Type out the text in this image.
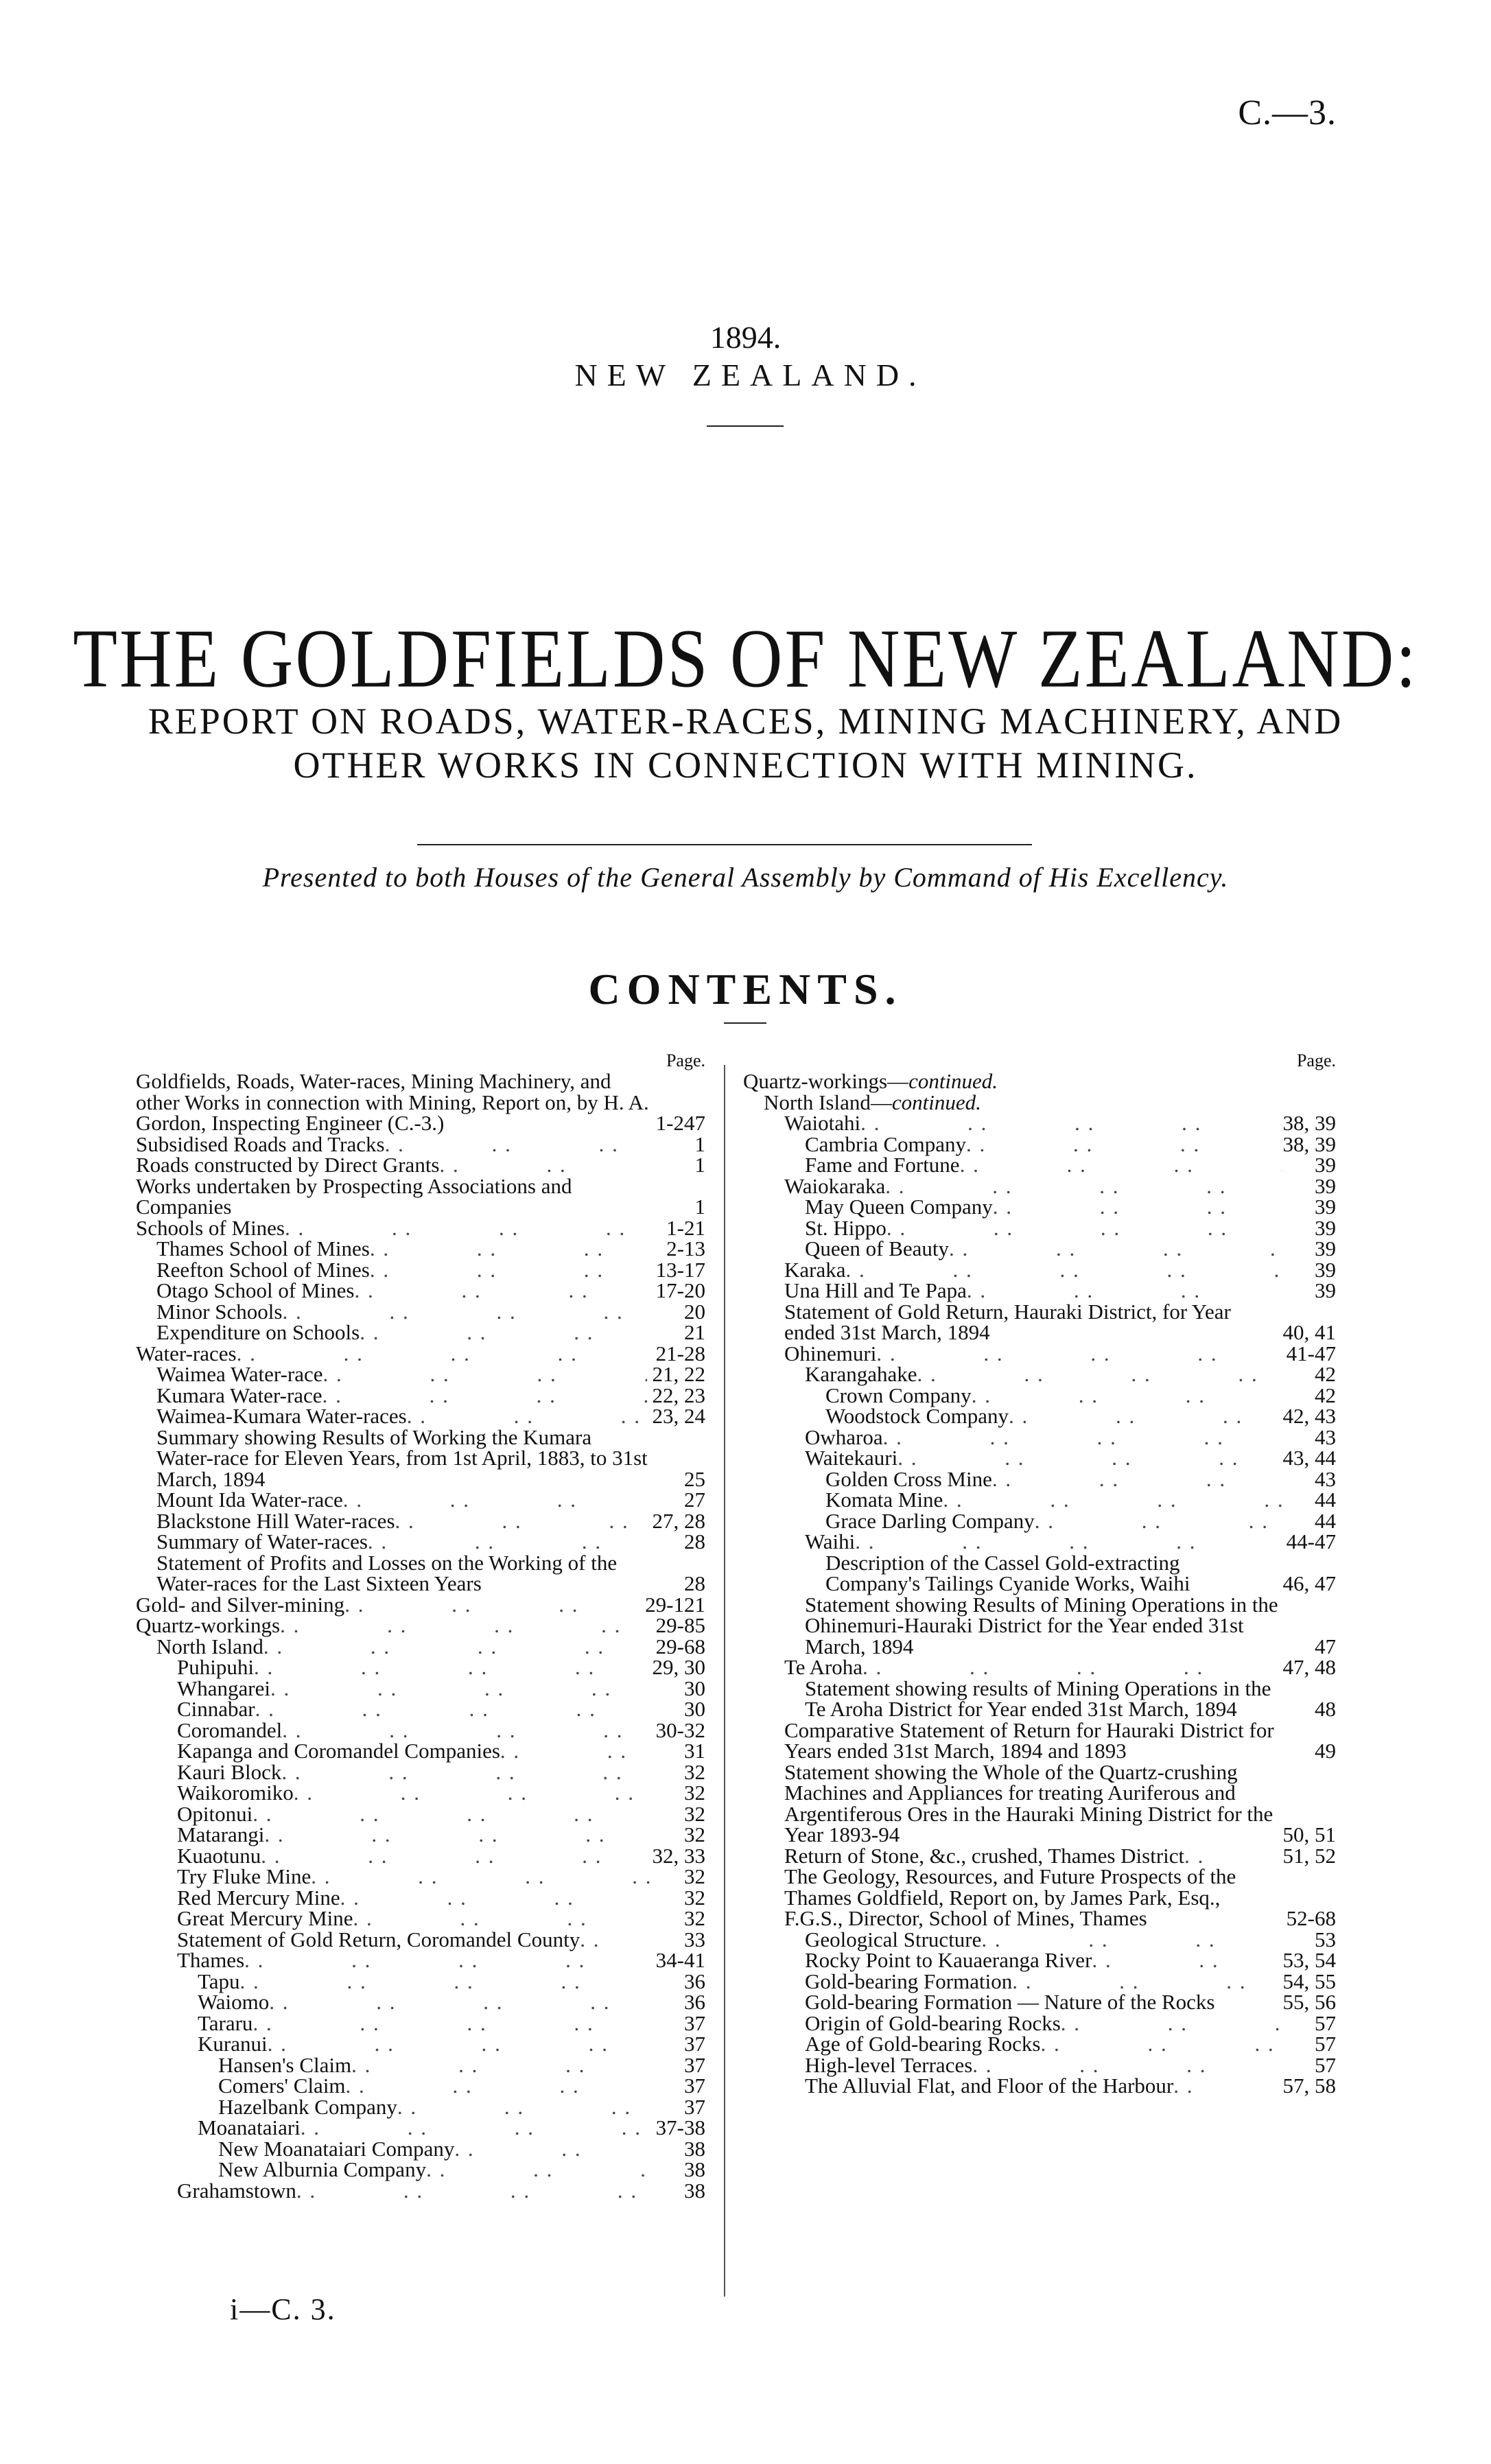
C.—3.
1894.
NEW ZEALAND.
THE GOLDFIELDS OF NEW ZEALAND:
REPORT ON ROADS, WATER-RACES, MINING MACHINERY, AND
OTHER WORKS IN CONNECTION WITH MINING.
Presented to both Houses of the General Assembly by Command of His Excellency.
CONTENTS.
Page.
Goldfields, Roads, Water-races, Mining Machinery, and other Works in connection with Mining, Report on, by H. A. Gordon, Inspecting Engineer (C.-3.)	1-247
Subsidised Roads and Tracks . .	1
Roads constructed by Direct Grants . .	1
Works undertaken by Prospecting Associations and Companies	1
Schools of Mines . .	1-21
Thames School of Mines . .	2-13
Reefton School of Mines . .	13-17
Otago School of Mines . .	17-20
Minor Schools . .	20
Expenditure on Schools . .	21
Water-races . .	21-28
Waimea Water-race . .	21, 22
Kumara Water-race . .	22, 23
Waimea-Kumara Water-races . .	23, 24
Summary showing Results of Working the Kumara Water-race for Eleven Years, from 1st April, 1883, to 31st March, 1894	25
Mount Ida Water-race . .	27
Blackstone Hill Water-races . .	27, 28
Summary of Water-races . .	28
Statement of Profits and Losses on the Working of the Water-races for the Last Sixteen Years	28
Gold- and Silver-mining . .	29-121
Quartz-workings . .	29-85
North Island . .	29-68
Puhipuhi . .	29, 30
Whangarei . .	30
Cinnabar . .	30
Coromandel . .	30-32
Kapanga and Coromandel Companies . .	31
Kauri Block . .	32
Waikoromiko . .	32
Opitonui . .	32
Matarangi . .	32
Kuaotunu . .	32, 33
Try Fluke Mine . .	32
Red Mercury Mine . .	32
Great Mercury Mine . .	32
Statement of Gold Return, Coromandel County . .	33
Thames . .	34-41
Tapu . .	36
Waiomo . .	36
Tararu . .	37
Kuranui . .	37
Hansen's Claim . .	37
Comers' Claim . .	37
Hazelbank Company . .	37
Moanataiari . .	37-38
New Moanataiari Company . .	38
New Alburnia Company . .	38
Grahamstown . .	38
Page.
Quartz-workings—continued.
North Island—continued.
Waiotahi . .	38, 39
Cambria Company . .	38, 39
Fame and Fortune . .	39
Waiokaraka . .	39
May Queen Company . .	39
St. Hippo . .	39
Queen of Beauty . .	39
Karaka . .	39
Una Hill and Te Papa . .	39
Statement of Gold Return, Hauraki District, for Year ended 31st March, 1894	40, 41
Ohinemuri . .	41-47
Karangahake . .	42
Crown Company . .	42
Woodstock Company . .	42, 43
Owharoa . .	43
Waitekauri . .	43, 44
Golden Cross Mine . .	43
Komata Mine . .	44
Grace Darling Company . .	44
Waihi . .	44-47
Description of the Cassel Gold-extracting Company's Tailings Cyanide Works, Waihi	46, 47
Statement showing Results of Mining Operations in the Ohinemuri-Hauraki District for the Year ended 31st March, 1894	47
Te Aroha . .	47, 48
Statement showing results of Mining Operations in the Te Aroha District for Year ended 31st March, 1894	48
Comparative Statement of Return for Hauraki District for Years ended 31st March, 1894 and 1893	49
Statement showing the Whole of the Quartz-crushing Machines and Appliances for treating Auriferous and Argentiferous Ores in the Hauraki Mining District for the Year 1893-94	50, 51
Return of Stone, &c., crushed, Thames District . .	51, 52
The Geology, Resources, and Future Prospects of the Thames Goldfield, Report on, by James Park, Esq., F.G.S., Director, School of Mines, Thames	52-68
Geological Structure . .	53
Rocky Point to Kauaeranga River . .	53, 54
Gold-bearing Formation . .	54, 55
Gold-bearing Formation — Nature of the Rocks	55, 56
Origin of Gold-bearing Rocks . .	57
Age of Gold-bearing Rocks . .	57
High-level Terraces . .	57
The Alluvial Flat, and Floor of the Harbour . .	57, 58
i—C. 3.
